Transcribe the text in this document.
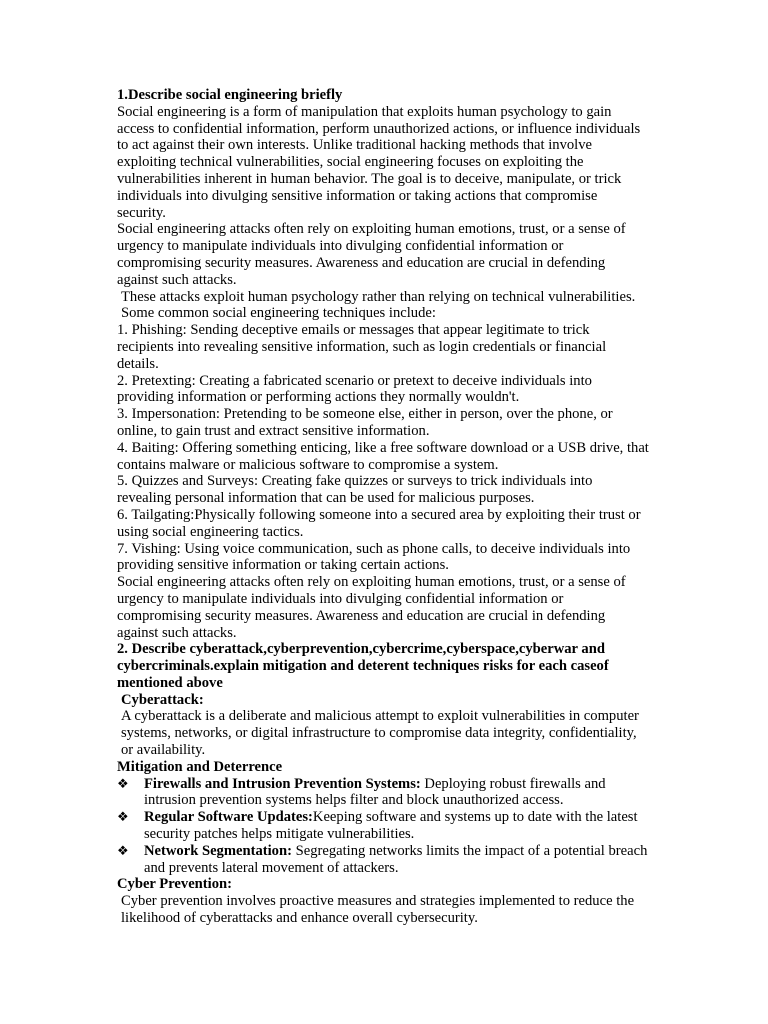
1.Describe social engineering briefly

Social engineering is a form of manipulation that exploits human psychology to gain access to confidential information, perform unauthorized actions, or influence individuals to act against their own interests. Unlike traditional hacking methods that involve exploiting technical vulnerabilities, social engineering focuses on exploiting the vulnerabilities inherent in human behavior. The goal is to deceive, manipulate, or trick individuals into divulging sensitive information or taking actions that compromise security.

Social engineering attacks often rely on exploiting human emotions, trust, or a sense of urgency to manipulate individuals into divulging confidential information or compromising security measures. Awareness and education are crucial in defending against such attacks.

These attacks exploit human psychology rather than relying on technical vulnerabilities. Some common social engineering techniques include:

1. Phishing: Sending deceptive emails or messages that appear legitimate to trick recipients into revealing sensitive information, such as login credentials or financial details.

2. Pretexting: Creating a fabricated scenario or pretext to deceive individuals into providing information or performing actions they normally wouldn't.

3. Impersonation: Pretending to be someone else, either in person, over the phone, or online, to gain trust and extract sensitive information.

4. Baiting: Offering something enticing, like a free software download or a USB drive, that contains malware or malicious software to compromise a system.

5. Quizzes and Surveys: Creating fake quizzes or surveys to trick individuals into revealing personal information that can be used for malicious purposes.

6. Tailgating:Physically following someone into a secured area by exploiting their trust or using social engineering tactics.

7. Vishing: Using voice communication, such as phone calls, to deceive individuals into providing sensitive information or taking certain actions.

Social engineering attacks often rely on exploiting human emotions, trust, or a sense of urgency to manipulate individuals into divulging confidential information or compromising security measures. Awareness and education are crucial in defending against such attacks.

2. Describe cyberattack,cyberprevention,cybercrime,cyberspace,cyberwar and cybercriminals.explain mitigation and deterent techniques risks for each caseof mentioned above

Cyberattack:

A cyberattack is a deliberate and malicious attempt to exploit vulnerabilities in computer systems, networks, or digital infrastructure to compromise data integrity, confidentiality, or availability.

Mitigation and Deterrence

❖ Firewalls and Intrusion Prevention Systems: Deploying robust firewalls and intrusion prevention systems helps filter and block unauthorized access.
❖ Regular Software Updates:Keeping software and systems up to date with the latest security patches helps mitigate vulnerabilities.
❖ Network Segmentation: Segregating networks limits the impact of a potential breach and prevents lateral movement of attackers.

Cyber Prevention:

Cyber prevention involves proactive measures and strategies implemented to reduce the likelihood of cyberattacks and enhance overall cybersecurity.
